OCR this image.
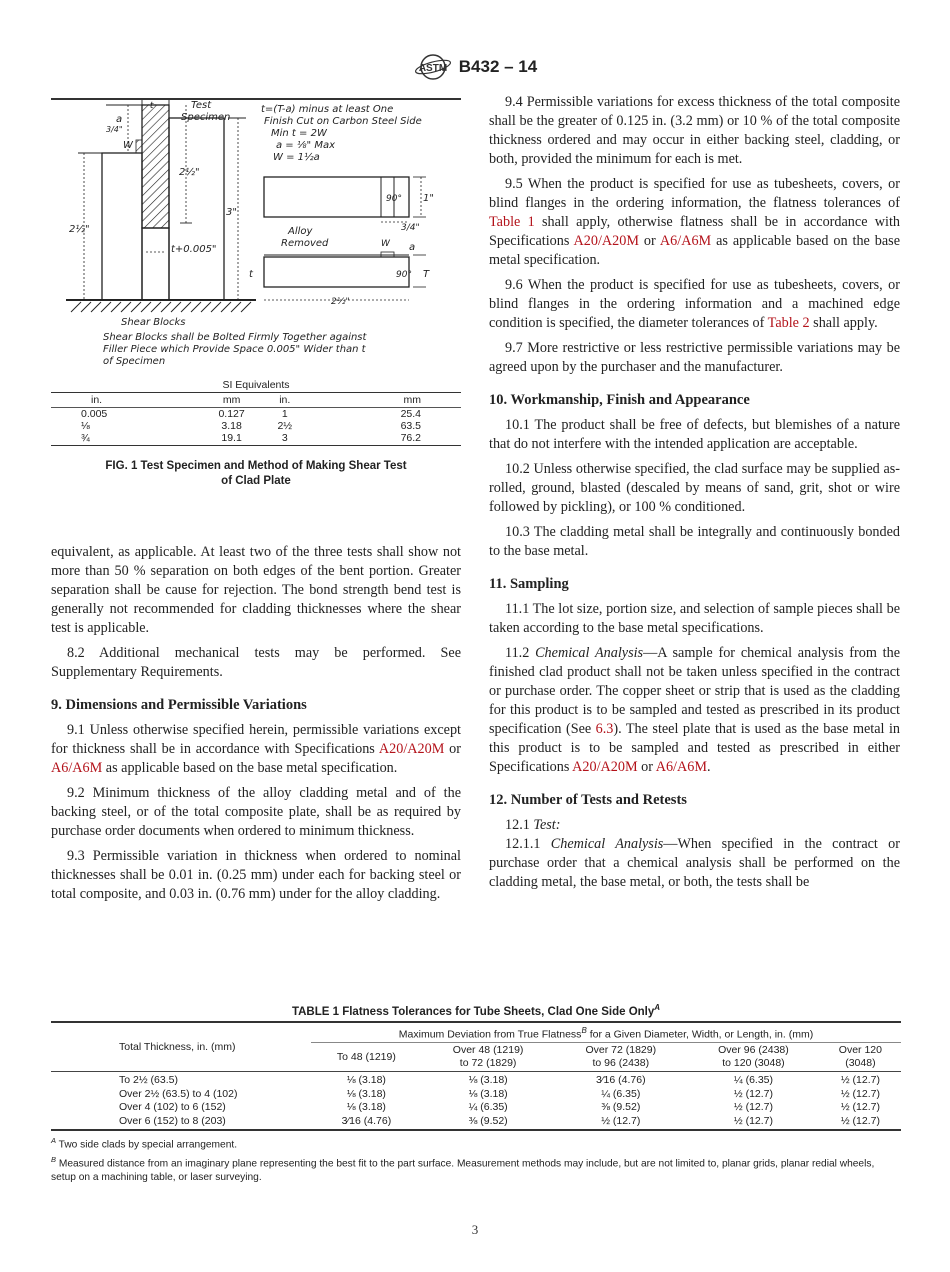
ASTM B432 – 14
·t·	Test
Specimen
a
3/4"
W
2½"
2½"
3"
t+0.005"
Shear Blocks
t=(T-a) minus at least One
Finish Cut on Carbon Steel Side
Min t = 2W
a = ⅛" Max
W = 1½a
90° 1"
3/4"
Alloy
Removed	W a
90°
t	T
2½"
Shear Blocks shall be Bolted Firmly Together against
Filler Piece which Provide Space 0.005" Wider than t
of Specimen
SI Equivalents
in.	mm	in.	mm
0.005	0.127	1	25.4
⅛	3.18	2½	63.5
¾	19.1	3	76.2
FIG. 1 Test Specimen and Method of Making Shear Test
of Clad Plate

equivalent, as applicable. At least two of the three tests shall show not more than 50 % separation on both edges of the bent portion. Greater separation shall be cause for rejection. The bond strength bend test is generally not recommended for cladding thicknesses where the shear test is applicable.

8.2 Additional mechanical tests may be performed. See Supplementary Requirements.

9. Dimensions and Permissible Variations

9.1 Unless otherwise specified herein, permissible variations except for thickness shall be in accordance with Specifications A20/A20M or A6/A6M as applicable based on the base metal specification.

9.2 Minimum thickness of the alloy cladding metal and of the backing steel, or of the total composite plate, shall be as required by purchase order documents when ordered to minimum thickness.

9.3 Permissible variation in thickness when ordered to nominal thicknesses shall be 0.01 in. (0.25 mm) under each for backing steel or total composite, and 0.03 in. (0.76 mm) under for the alloy cladding.

9.4 Permissible variations for excess thickness of the total composite shall be the greater of 0.125 in. (3.2 mm) or 10 % of the total composite thickness ordered and may occur in either backing steel, cladding, or both, provided the minimum for each is met.

9.5 When the product is specified for use as tubesheets, covers, or blind flanges in the ordering information, the flatness tolerances of Table 1 shall apply, otherwise flatness shall be in accordance with Specifications A20/A20M or A6/A6M as applicable based on the base metal specification.

9.6 When the product is specified for use as tubesheets, covers, or blind flanges in the ordering information and a machined edge condition is specified, the diameter tolerances of Table 2 shall apply.

9.7 More restrictive or less restrictive permissible variations may be agreed upon by the purchaser and the manufacturer.

10. Workmanship, Finish and Appearance

10.1 The product shall be free of defects, but blemishes of a nature that do not interfere with the intended application are acceptable.

10.2 Unless otherwise specified, the clad surface may be supplied as-rolled, ground, blasted (descaled by means of sand, grit, shot or wire followed by pickling), or 100 % conditioned.

10.3 The cladding metal shall be integrally and continuously bonded to the base metal.

11. Sampling

11.1 The lot size, portion size, and selection of sample pieces shall be taken according to the base metal specifications.

11.2 Chemical Analysis—A sample for chemical analysis from the finished clad product shall not be taken unless specified in the contract or purchase order. The copper sheet or strip that is used as the cladding for this product is to be sampled and tested as prescribed in its product specification (See 6.3). The steel plate that is used as the base metal in this product is to be sampled and tested as prescribed in either Specifications A20/A20M or A6/A6M.

12. Number of Tests and Retests

12.1 Test:

12.1.1 Chemical Analysis—When specified in the contract or purchase order that a chemical analysis shall be performed on the cladding metal, the base metal, or both, the tests shall be

TABLE 1 Flatness Tolerances for Tube Sheets, Clad One Side Only$^A$
Total Thickness, in. (mm)	Maximum Deviation from True Flatness$^B$ for a Given Diameter, Width, or Length, in. (mm)				
	To 48 (1219)	Over 48 (1219)
to 72 (1829)	Over 72 (1829)
to 96 (2438)	Over 96 (2438)
to 120 (3048)	Over 120
(3048)
To 2½ (63.5)	⅛ (3.18)	⅛ (3.18)	3⁄16 (4.76)	¼ (6.35)	½ (12.7)
Over 2½ (63.5) to 4 (102)	⅛ (3.18)	⅛ (3.18)	¼ (6.35)	½ (12.7)	½ (12.7)
Over 4 (102) to 6 (152)	⅛ (3.18)	¼ (6.35)	⅜ (9.52)	½ (12.7)	½ (12.7)
Over 6 (152) to 8 (203)	3⁄16 (4.76)	⅜ (9.52)	½ (12.7)	½ (12.7)	½ (12.7)
$^A$ Two side clads by special arrangement.
$^B$ Measured distance from an imaginary plane representing the best fit to the part surface. Measurement methods may include, but are not limited to, planar grids, planar redial wheels, setup on a machining table, or laser surveying.
3
